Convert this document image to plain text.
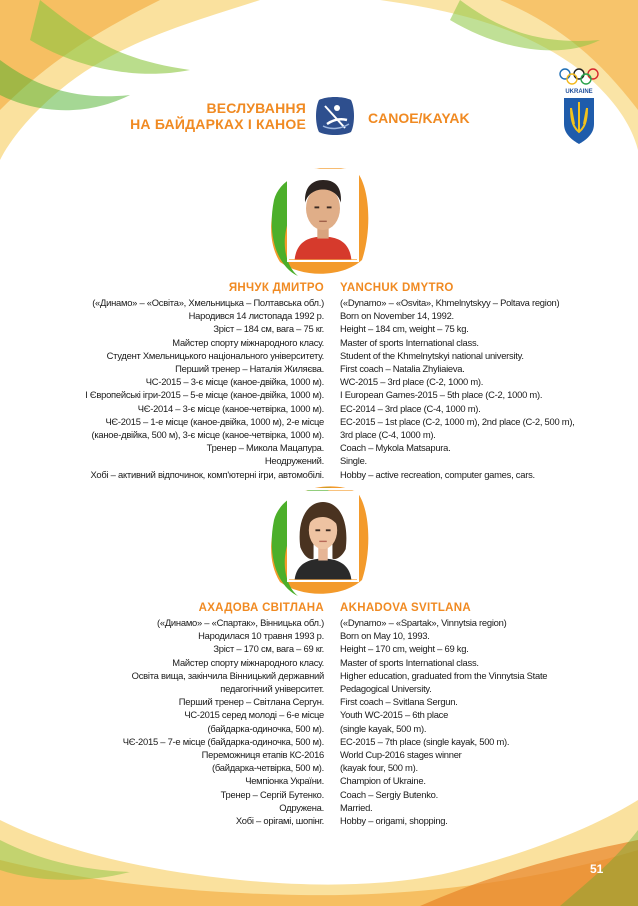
UKRAINE
ВЕСЛУВАННЯ
НА БАЙДАРКАХ І КАНОЕ	CANOE/KAYAK
ЯНЧУК ДМИТРО YANCHUK DMYTRO
(«Динамо» – «Освіта», Хмельницька – Полтавська обл.)
Народився 14 листопада 1992 р.
Зріст – 184 см, вага – 75 кг.
Майстер спорту міжнародного класу.
Студент Хмельницького національного університету.
Перший тренер – Наталія Жиляєва.
ЧС-2015 – 3-є місце (каное-двійка, 1000 м).
I Європейські ігри-2015 – 5-е місце (каное-двійка, 1000 м).
ЧЄ-2014 – 3-є місце (каное-четвірка, 1000 м).
ЧЄ-2015 – 1-е місце (каное-двійка, 1000 м), 2-е місце
(каное-двійка, 500 м), 3-є місце (каное-четвірка, 1000 м).
Тренер – Микола Мацапура.
Неодружений.
Хобі – активний відпочинок, комп'ютерні ігри, автомобілі.
(«Dynamo» – «Osvita», Khmelnytskyy – Poltava region)
Born on November 14, 1992.
Height – 184 cm, weight – 75 kg.
Master of sports International class.
Student of the Khmelnytskyi national university.
First coach – Natalia Zhyliaieva.
WC-2015 – 3rd place (C-2, 1000 m).
I European Games-2015 – 5th place (C-2, 1000 m).
EC-2014 – 3rd place (C-4, 1000 m).
EC-2015 – 1st place (C-2, 1000 m), 2nd place (C-2, 500 m),
3rd place (C-4, 1000 m).
Coach – Mykola Matsapura.
Single.
Hobby – active recreation, computer games, cars.
АХАДОВА СВІТЛАНА AKHADOVA SVITLANA
(«Динамо» – «Спартак», Вінницька обл.)
Народилася 10 травня 1993 р.
Зріст – 170 см, вага – 69 кг.
Майстер спорту міжнародного класу.
Освіта вища, закінчила Вінницький державний
педагогічний університет.
Перший тренер – Світлана Сергун.
ЧС-2015 серед молоді – 6-е місце
(байдарка-одиночка, 500 м).
ЧЄ-2015 – 7-е місце (байдарка-одиночка, 500 м).
Переможниця етапів КС-2016
(байдарка-четвірка, 500 м).
Чемпіонка України.
Тренер – Сергій Бутенко.
Одружена.
Хобі – орігамі, шопінг.
(«Dynamo» – «Spartak», Vinnytsia region)
Born on May 10, 1993.
Height – 170 cm, weight – 69 kg.
Master of sports International class.
Higher education, graduated from the Vinnytsia State
Pedagogical University.
First coach – Svitlana Sergun.
Youth WC-2015 – 6th place
(single kayak, 500 m).
EC-2015 – 7th place (single kayak, 500 m).
World Cup-2016 stages winner
(kayak four, 500 m).
Champion of Ukraine.
Coach – Sergiy Butenko.
Married.
Hobby – origami, shopping.
51
